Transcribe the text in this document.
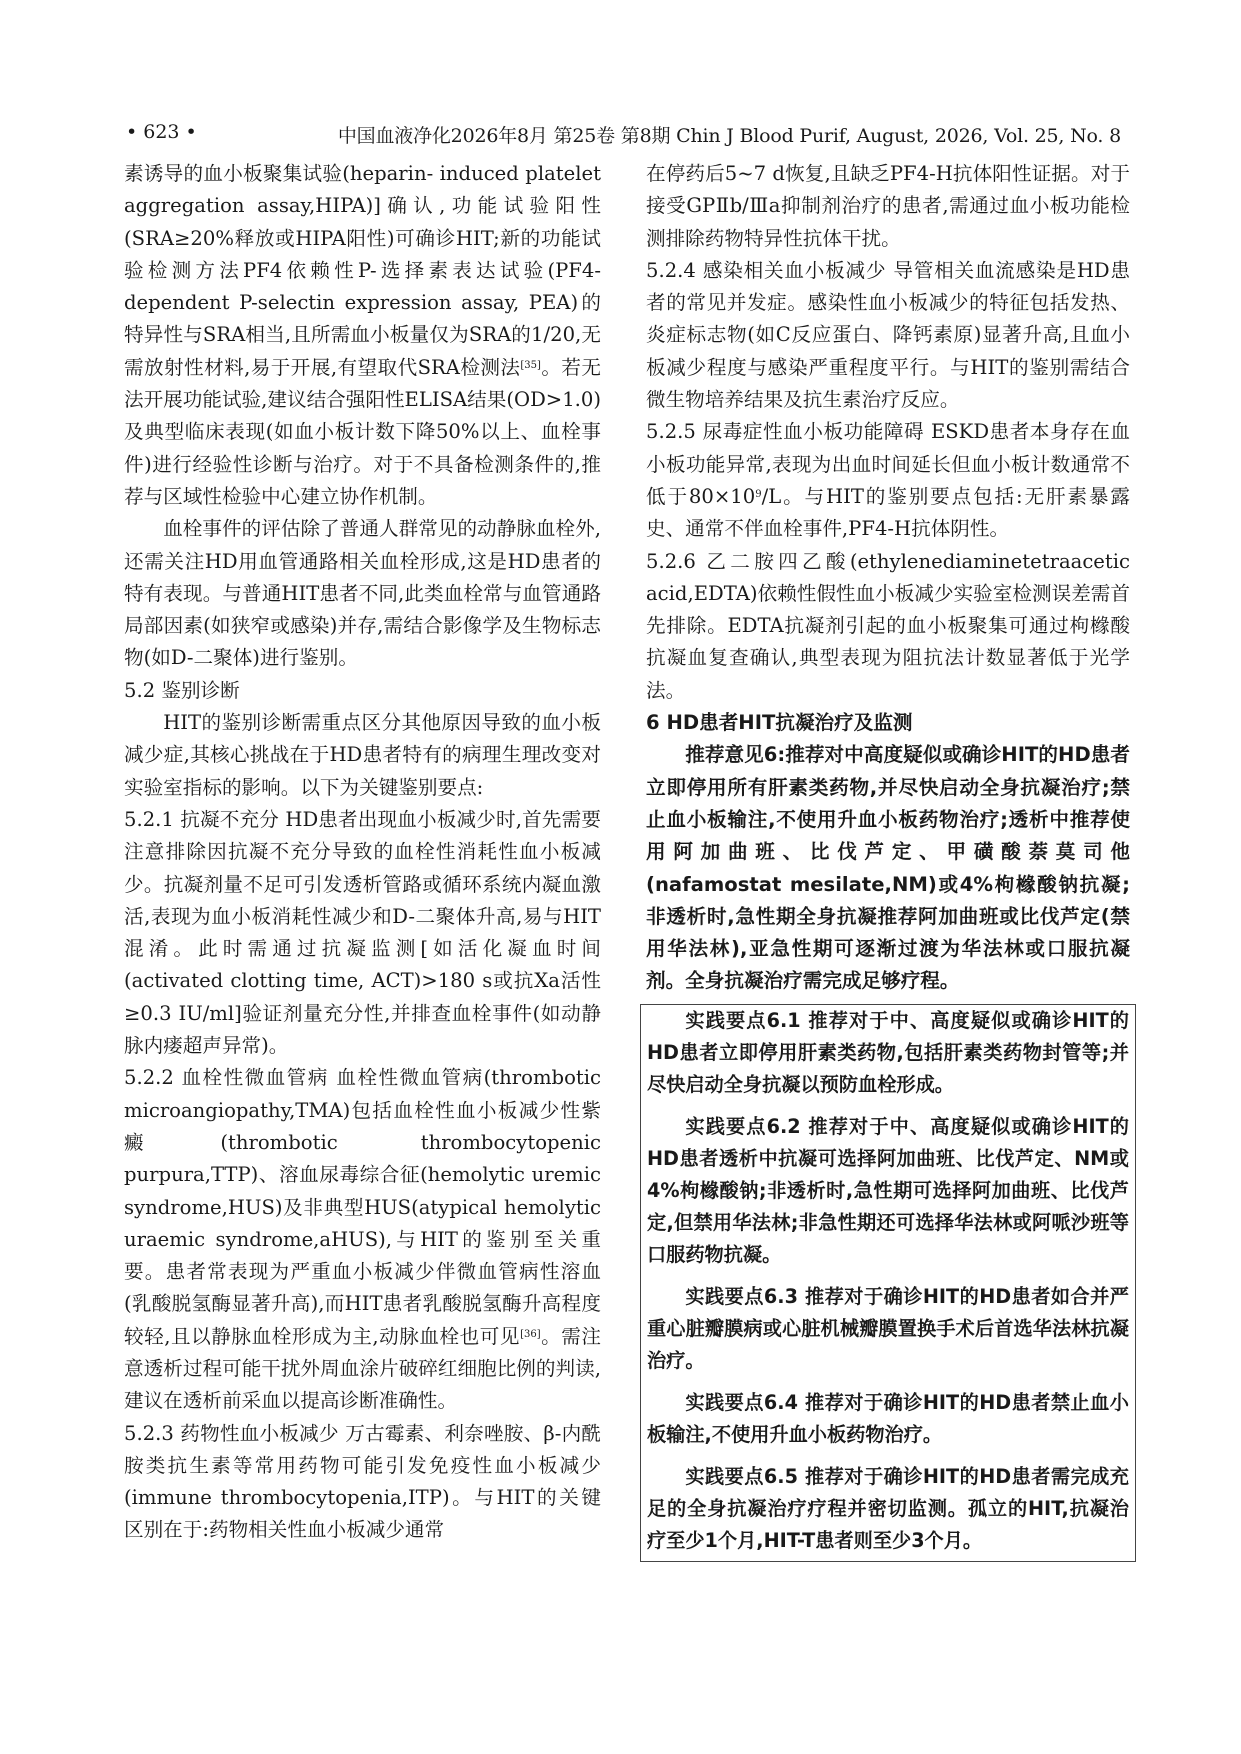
• 623 •	中国血液净化2026年8月 第25卷 第8期 Chin J Blood Purif, August, 2026, Vol. 25, No. 8

素诱导的血小板聚集试验(heparin- induced platelet aggregation assay,HIPA)]确认,功能试验阳性(SRA≥20%释放或HIPA阳性)可确诊HIT;新的功能试验检测方法PF4依赖性P-选择素表达试验(PF4-dependent P-selectin expression assay, PEA)的特异性与SRA相当,且所需血小板量仅为SRA的1/20,无需放射性材料,易于开展,有望取代SRA检测法[35]。若无法开展功能试验,建议结合强阳性ELISA结果(OD>1.0)及典型临床表现(如血小板计数下降50%以上、血栓事件)进行经验性诊断与治疗。对于不具备检测条件的,推荐与区域性检验中心建立协作机制。

血栓事件的评估除了普通人群常见的动静脉血栓外,还需关注HD用血管通路相关血栓形成,这是HD患者的特有表现。与普通HIT患者不同,此类血栓常与血管通路局部因素(如狭窄或感染)并存,需结合影像学及生物标志物(如D-二聚体)进行鉴别。

5.2 鉴别诊断

HIT的鉴别诊断需重点区分其他原因导致的血小板减少症,其核心挑战在于HD患者特有的病理生理改变对实验室指标的影响。以下为关键鉴别要点:

5.2.1 抗凝不充分 HD患者出现血小板减少时,首先需要注意排除因抗凝不充分导致的血栓性消耗性血小板减少。抗凝剂量不足可引发透析管路或循环系统内凝血激活,表现为血小板消耗性减少和D-二聚体升高,易与HIT混淆。此时需通过抗凝监测[如活化凝血时间(activated clotting time, ACT)>180 s或抗Xa活性≥0.3 IU/ml]验证剂量充分性,并排查血栓事件(如动静脉内瘘超声异常)。

5.2.2 血栓性微血管病 血栓性微血管病(thrombotic microangiopathy,TMA)包括血栓性血小板减少性紫癜(thrombotic thrombocytopenic purpura,TTP)、溶血尿毒综合征(hemolytic uremic syndrome,HUS)及非典型HUS(atypical hemolytic uraemic syndrome,aHUS),与HIT的鉴别至关重要。患者常表现为严重血小板减少伴微血管病性溶血(乳酸脱氢酶显著升高),而HIT患者乳酸脱氢酶升高程度较轻,且以静脉血栓形成为主,动脉血栓也可见[36]。需注意透析过程可能干扰外周血涂片破碎红细胞比例的判读,建议在透析前采血以提高诊断准确性。

5.2.3 药物性血小板减少 万古霉素、利奈唑胺、β-内酰胺类抗生素等常用药物可能引发免疫性血小板减少(immune thrombocytopenia,ITP)。与HIT的关键区别在于:药物相关性血小板减少通常

在停药后5~7 d恢复,且缺乏PF4-H抗体阳性证据。对于接受GPⅡb/Ⅲa抑制剂治疗的患者,需通过血小板功能检测排除药物特异性抗体干扰。

5.2.4 感染相关血小板减少 导管相关血流感染是HD患者的常见并发症。感染性血小板减少的特征包括发热、炎症标志物(如C反应蛋白、降钙素原)显著升高,且血小板减少程度与感染严重程度平行。与HIT的鉴别需结合微生物培养结果及抗生素治疗反应。

5.2.5 尿毒症性血小板功能障碍 ESKD患者本身存在血小板功能异常,表现为出血时间延长但血小板计数通常不低于$80\times 10^9/L$。与HIT的鉴别要点包括:无肝素暴露史、通常不伴血栓事件,PF4-H抗体阴性。

5.2.6 乙二胺四乙酸(ethylenediaminetetraacetic acid,EDTA)依赖性假性血小板减少实验室检测误差需首先排除。EDTA抗凝剂引起的血小板聚集可通过枸橼酸抗凝血复查确认,典型表现为阻抗法计数显著低于光学法。

6 HD患者HIT抗凝治疗及监测

推荐意见6:推荐对中高度疑似或确诊HIT的HD患者立即停用所有肝素类药物,并尽快启动全身抗凝治疗;禁止血小板输注,不使用升血小板药物治疗;透析中推荐使用阿加曲班、比伐芦定、甲磺酸萘莫司他(nafamostat mesilate,NM)或4%枸橼酸钠抗凝;非透析时,急性期全身抗凝推荐阿加曲班或比伐芦定(禁用华法林),亚急性期可逐渐过渡为华法林或口服抗凝剂。全身抗凝治疗需完成足够疗程。

实践要点6.1 推荐对于中、高度疑似或确诊HIT的HD患者立即停用肝素类药物,包括肝素类药物封管等;并尽快启动全身抗凝以预防血栓形成。

实践要点6.2 推荐对于中、高度疑似或确诊HIT的HD患者透析中抗凝可选择阿加曲班、比伐芦定、NM或4%枸橼酸钠;非透析时,急性期可选择阿加曲班、比伐芦定,但禁用华法林;非急性期还可选择华法林或阿哌沙班等口服药物抗凝。

实践要点6.3 推荐对于确诊HIT的HD患者如合并严重心脏瓣膜病或心脏机械瓣膜置换手术后首选华法林抗凝治疗。

实践要点6.4 推荐对于确诊HIT的HD患者禁止血小板输注,不使用升血小板药物治疗。

实践要点6.5 推荐对于确诊HIT的HD患者需完成充足的全身抗凝治疗疗程并密切监测。孤立的HIT,抗凝治疗至少1个月,HIT-T患者则至少3个月。
